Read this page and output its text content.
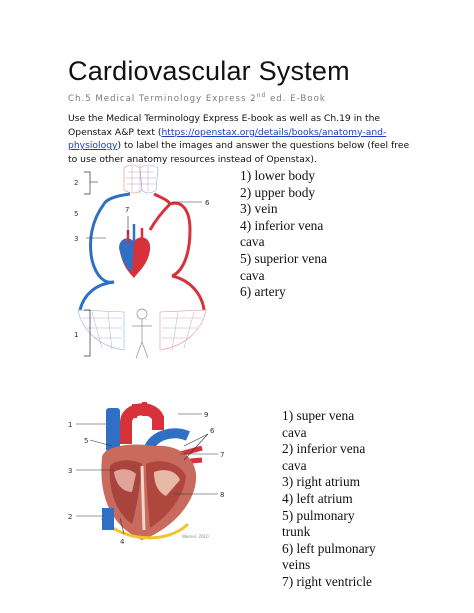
Cardiovascular System
Ch.5 Medical Terminology Express 2nd ed. E-Book
Use the Medical Terminology Express E-book as well as Ch.19 in the Openstax A&P text (https://openstax.org/details/books/anatomy-and-physiology) to label the images and answer the questions below (feel free to use other anatomy resources instead of Openstax).
2
5
3
1
7
6
1) lower body
2) upper body
3) vein
4) inferior vena
cava
5) superior vena
cava
6) artery
9
1
5
3
2
6
7
8
4
Wessel, 2010
1) super vena
cava
2) inferior vena
cava
3) right atrium
4) left atrium
5) pulmonary
trunk
6) left pulmonary
veins
7) right ventricle
